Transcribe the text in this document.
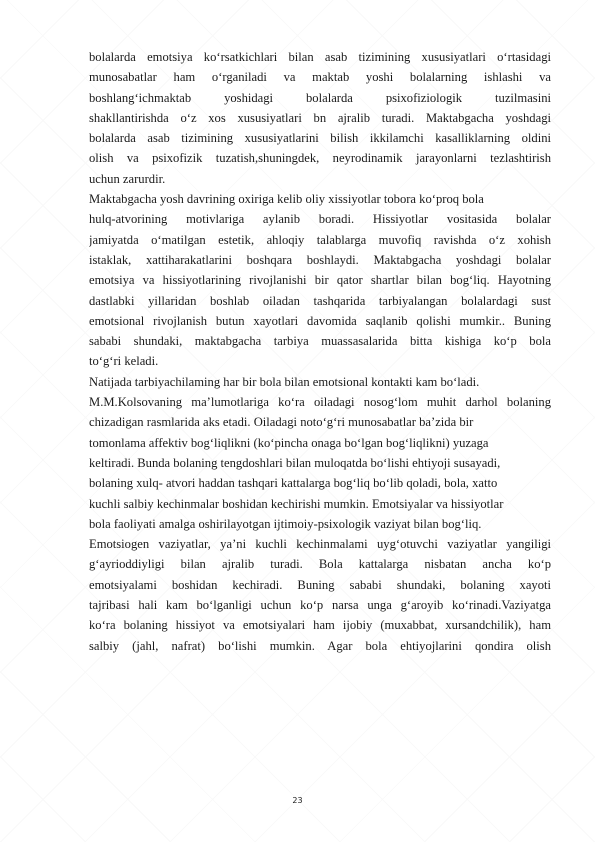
bolalarda emotsiya ko‘rsatkichlari bilan asab tizimining xususiyatlari o‘rtasidagi
munosabatlar ham o‘rganiladi va maktab yoshi bolalarning ishlashi va
boshlang‘ichmaktab yoshidagi bolalarda psixofiziologik tuzilmasini
shakllantirishda o‘z xos xususiyatlari bn ajralib turadi. Maktabgacha yoshdagi
bolalarda asab tizimining xususiyatlarini bilish ikkilamchi kasalliklarning oldini
olish va psixofizik tuzatish,shuningdek, neyrodinamik jarayonlarni tezlashtirish
uchun zarurdir.
Maktabgacha yosh davrining oxiriga kelib oliy xissiyotlar tobora ko‘proq bola
hulq-atvorining motivlariga aylanib boradi. Hissiyotlar vositasida bolalar
jamiyatda o‘matilgan estetik, ahloqiy talablarga muvofiq ravishda o‘z xohish
istaklak, xattiharakatlarini boshqara boshlaydi. Maktabgacha yoshdagi bolalar
emotsiya va hissiyotlarining rivojlanishi bir qator shartlar bilan bog‘liq. Hayotning
dastlabki yillaridan boshlab oiladan tashqarida tarbiyalangan bolalardagi sust
emotsional rivojlanish butun xayotlari davomida saqlanib qolishi mumkir.. Buning
sababi shundaki, maktabgacha tarbiya muassasalarida bitta kishiga ko‘p bola
to‘g‘ri keladi.
Natijada tarbiyachilaming har bir bola bilan emotsional kontakti kam bo‘ladi.
M.M.Kolsovaning ma’lumotlariga ko‘ra oiladagi nosog‘lom muhit darhol bolaning
chizadigan rasmlarida aks etadi. Oiladagi noto‘g‘ri munosabatlar ba’zida bir
tomonlama affektiv bog‘liqlikni (ko‘pincha onaga bo‘lgan bog‘liqlikni) yuzaga
keltiradi. Bunda bolaning tengdoshlari bilan muloqatda bo‘lishi ehtiyoji susayadi,
bolaning xulq- atvori haddan tashqari kattalarga bog‘liq bo‘lib qoladi, bola, xatto
kuchli salbiy kechinmalar boshidan kechirishi mumkin. Emotsiyalar va hissiyotlar
bola faoliyati amalga oshirilayotgan ijtimoiy-psixologik vaziyat bilan bog‘liq.
Emotsiogen vaziyatlar, ya’ni kuchli kechinmalami uyg‘otuvchi vaziyatlar yangiligi
g‘ayrioddiyligi bilan ajralib turadi. Bola kattalarga nisbatan ancha ko‘p
emotsiyalami boshidan kechiradi. Buning sababi shundaki, bolaning xayoti
tajribasi hali kam bo‘lganligi uchun ko‘p narsa unga g‘aroyib ko‘rinadi.Vaziyatga
ko‘ra bolaning hissiyot va emotsiyalari ham ijobiy (muxabbat, xursandchilik), ham
salbiy (jahl, nafrat) bo‘lishi mumkin. Agar bola ehtiyojlarini qondira olish
23
